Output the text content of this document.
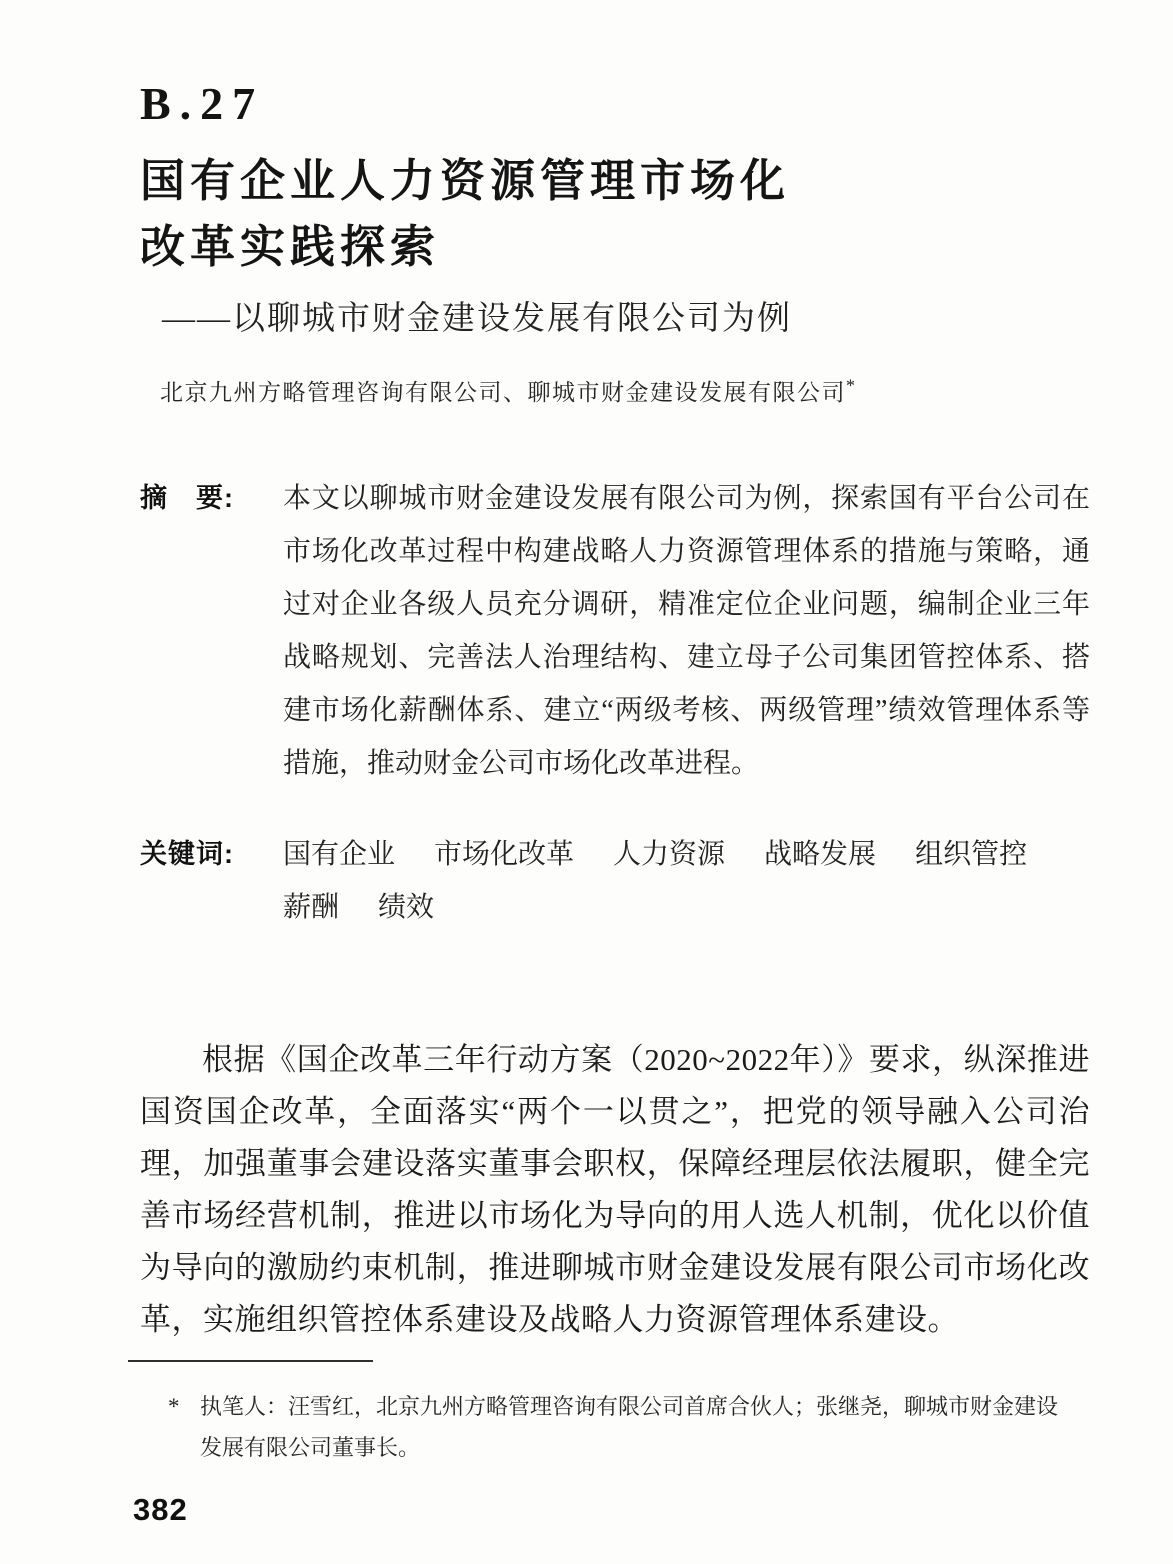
B.27
国有企业人力资源管理市场化
改革实践探索
——以聊城市财金建设发展有限公司为例
北京九州方略管理咨询有限公司、聊城市财金建设发展有限公司*
摘　要:	本文以聊城市财金建设发展有限公司为例，探索国有平台公司在市场化改革过程中构建战略人力资源管理体系的措施与策略，通过对企业各级人员充分调研，精准定位企业问题，编制企业三年战略规划、完善法人治理结构、建立母子公司集团管控体系、搭建市场化薪酬体系、建立“两级考核、两级管理”绩效管理体系等措施，推动财金公司市场化改革进程。
关键词:	国有企业 市场化改革 人力资源 战略发展 组织管控 薪酬 绩效

根据《国企改革三年行动方案（2020~2022年）》要求，纵深推进国资国企改革，全面落实“两个一以贯之”，把党的领导融入公司治理，加强董事会建设落实董事会职权，保障经理层依法履职，健全完善市场经营机制，推进以市场化为导向的用人选人机制，优化以价值为导向的激励约束机制，推进聊城市财金建设发展有限公司市场化改革，实施组织管控体系建设及战略人力资源管理体系建设。

* 执笔人：汪雪红，北京九州方略管理咨询有限公司首席合伙人；张继尧，聊城市财金建设发展有限公司董事长。
382
